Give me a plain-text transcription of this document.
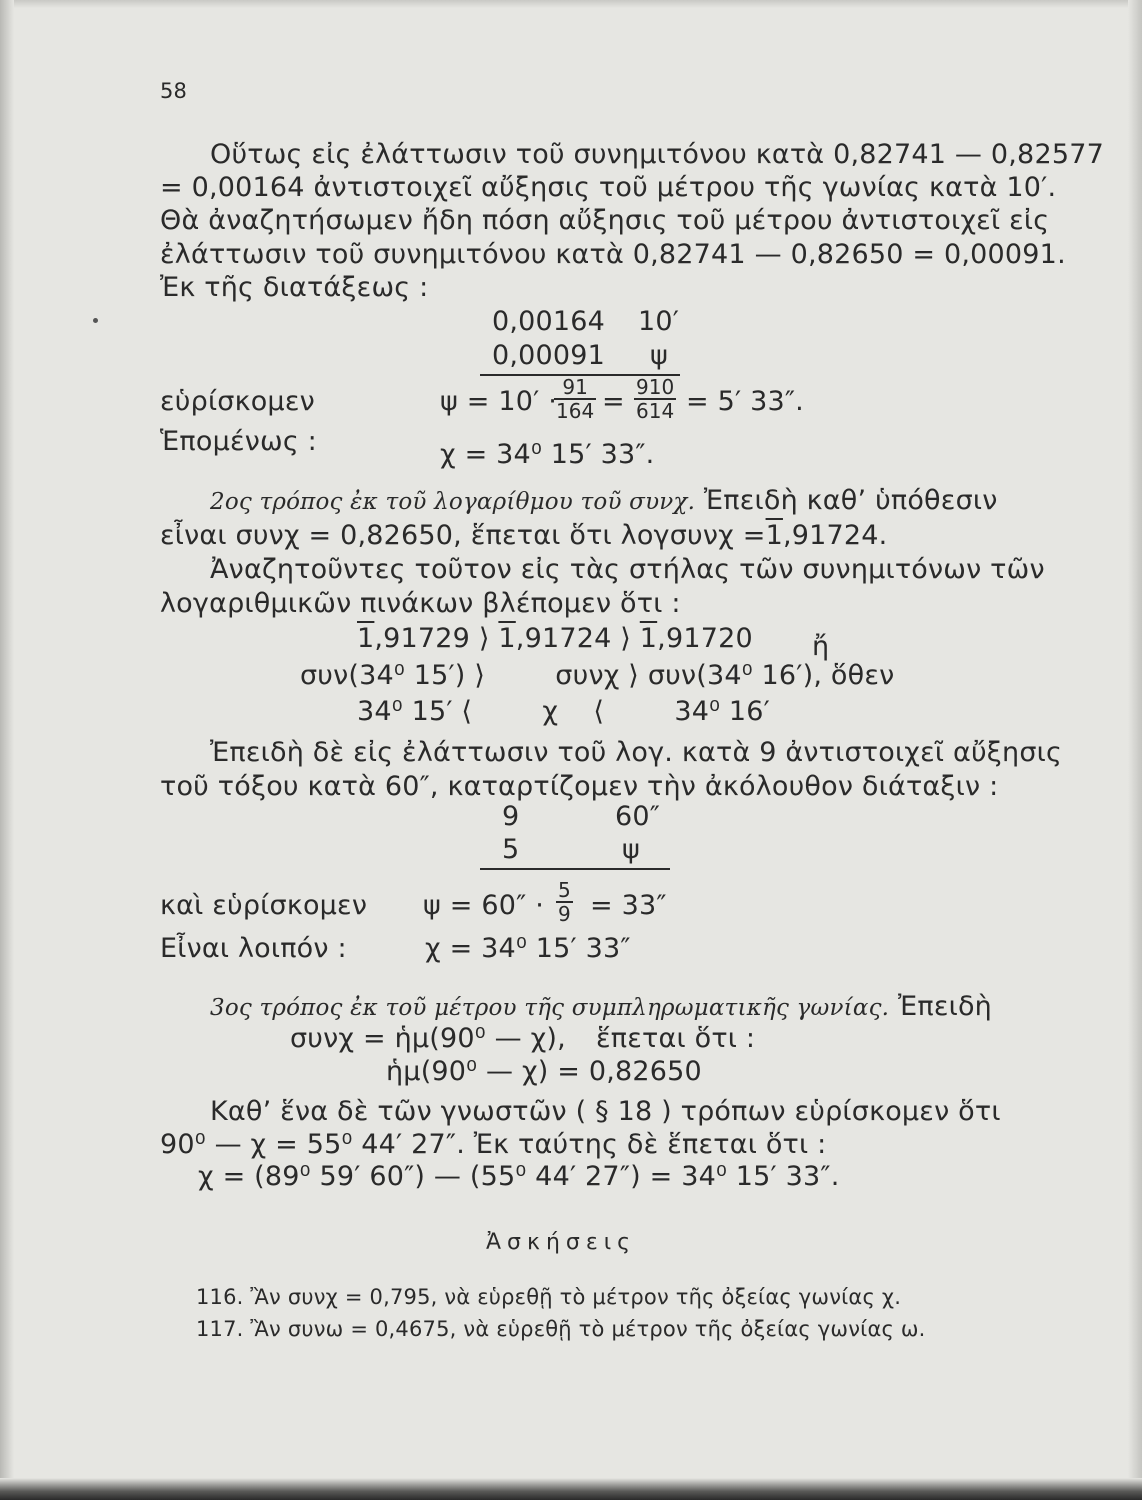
58
Οὕτως εἰς ἐλάττωσιν τοῦ συνημιτόνου κατὰ 0,82741 — 0,82577
= 0,00164 ἀντιστοιχεῖ αὔξησις τοῦ μέτρου τῆς γωνίας κατὰ 10′.
Θὰ ἀναζητήσωμεν ἤδη πόση αὔξησις τοῦ μέτρου ἀντιστοιχεῖ εἰς
ἐλάττωσιν τοῦ συνημιτόνου κατὰ 0,82741 — 0,82650 = 0,00091.
Ἐκ τῆς διατάξεως :
0,00164 10′
0,00091 ψ
εὑρίσκομεν	ψ = 10′ ·
$\frac{91}{164} = \frac{910}{614} = 5'$ 33″.
Ἑπομένως :	χ = 34⁰ 15′ 33″.
2ος τρόπος ἐκ τοῦ λογαρίθμου τοῦ συνχ. Ἐπειδὴ καθ’ ὑπόθεσιν
εἶναι συνχ = 0,82650, ἕπεται ὅτι λογσυνχ =1,91724.
Ἀναζητοῦντες τοῦτον εἰς τὰς στήλας τῶν συνημιτόνων τῶν
λογαριθμικῶν πινάκων βλέπομεν ὅτι :
1,91729 ⟩ 1,91724 ⟩ 1,91720 ἤ
συν(34⁰ 15′) ⟩        συνχ ⟩ συν(34⁰ 16′), ὅθεν
34⁰ 15′ ⟨        χ    ⟨        34⁰ 16′
Ἐπειδὴ δὲ εἰς ἐλάττωσιν τοῦ λογ. κατὰ 9 ἀντιστοιχεῖ αὔξησις
τοῦ τόξου κατὰ 60″, καταρτίζομεν τὴν ἀκόλουθον διάταξιν :
9	60″
5	ψ
καὶ εὑρίσκομεν $\psi = 60'' \cdot \frac{5}{9} = 33''$
Εἶναι λοιπόν :	χ = 34⁰ 15′ 33″
3ος τρόπος ἐκ τοῦ μέτρου τῆς συμπληρωματικῆς γωνίας. Ἐπειδὴ
συνχ = ἡμ(90⁰ — χ), ἕπεται ὅτι :
ἡμ(90⁰ — χ) = 0,82650
Καθ’ ἕνα δὲ τῶν γνωστῶν ( § 18 ) τρόπων εὑρίσκομεν ὅτι
90⁰ — χ = 55⁰ 44′ 27″. Ἐκ ταύτης δὲ ἕπεται ὅτι :
χ = (89⁰ 59′ 60″) — (55⁰ 44′ 27″) = 34⁰ 15′ 33″.
Ἀσκήσεις
116. Ἂν συνχ = 0,795, νὰ εὑρεθῇ τὸ μέτρον τῆς ὀξείας γωνίας χ.
117. Ἂν συνω = 0,4675, νὰ εὑρεθῇ τὸ μέτρον τῆς ὀξείας γωνίας ω.
